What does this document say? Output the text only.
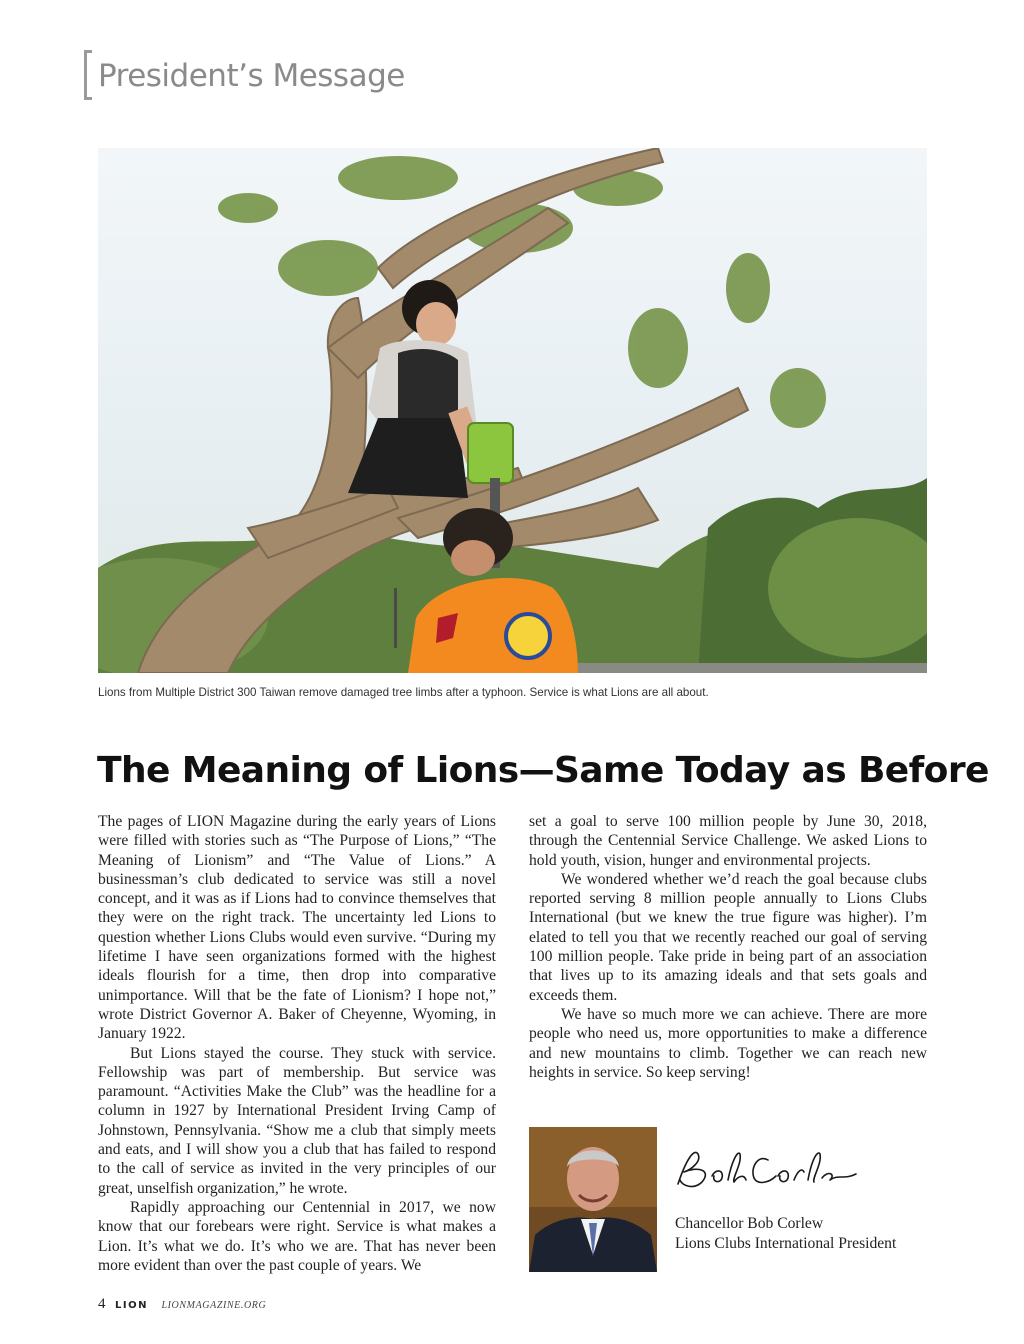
President’s Message
Lions from Multiple District 300 Taiwan remove damaged tree limbs after a typhoon. Service is what Lions are all about.
The Meaning of Lions—Same Today as Before

The pages of LION Magazine during the early years of Lions were filled with stories such as “The Purpose of Lions,” “The Meaning of Lionism” and “The Value of Lions.” A businessman’s club dedicated to service was still a novel concept, and it was as if Lions had to convince themselves that they were on the right track. The uncertainty led Lions to question whether Lions Clubs would even survive. “During my lifetime I have seen organizations formed with the highest ideals flourish for a time, then drop into comparative unimportance. Will that be the fate of Lionism? I hope not,” wrote District Governor A. Baker of Cheyenne, Wyoming, in January 1922.

But Lions stayed the course. They stuck with service. Fellowship was part of membership. But service was paramount. “Activities Make the Club” was the headline for a column in 1927 by International President Irving Camp of Johnstown, Pennsylvania. “Show me a club that simply meets and eats, and I will show you a club that has failed to respond to the call of service as invited in the very principles of our great, unselfish organization,” he wrote.

Rapidly approaching our Centennial in 2017, we now know that our forebears were right. Service is what makes a Lion. It’s what we do. It’s who we are. That has never been more evident than over the past couple of years. We

set a goal to serve 100 million people by June 30, 2018, through the Centennial Service Challenge. We asked Lions to hold youth, vision, hunger and environmental projects.

We wondered whether we’d reach the goal because clubs reported serving 8 million people annually to Lions Clubs International (but we knew the true figure was higher). I’m elated to tell you that we recently reached our goal of serving 100 million people. Take pride in being part of an association that lives up to its amazing ideals and that sets goals and exceeds them.

We have so much more we can achieve. There are more people who need us, more opportunities to make a difference and new mountains to climb. Together we can reach new heights in service. So keep serving!

Chancellor Bob Corlew
Lions Clubs International President
4 LION LIONMAGAZINE.ORG
